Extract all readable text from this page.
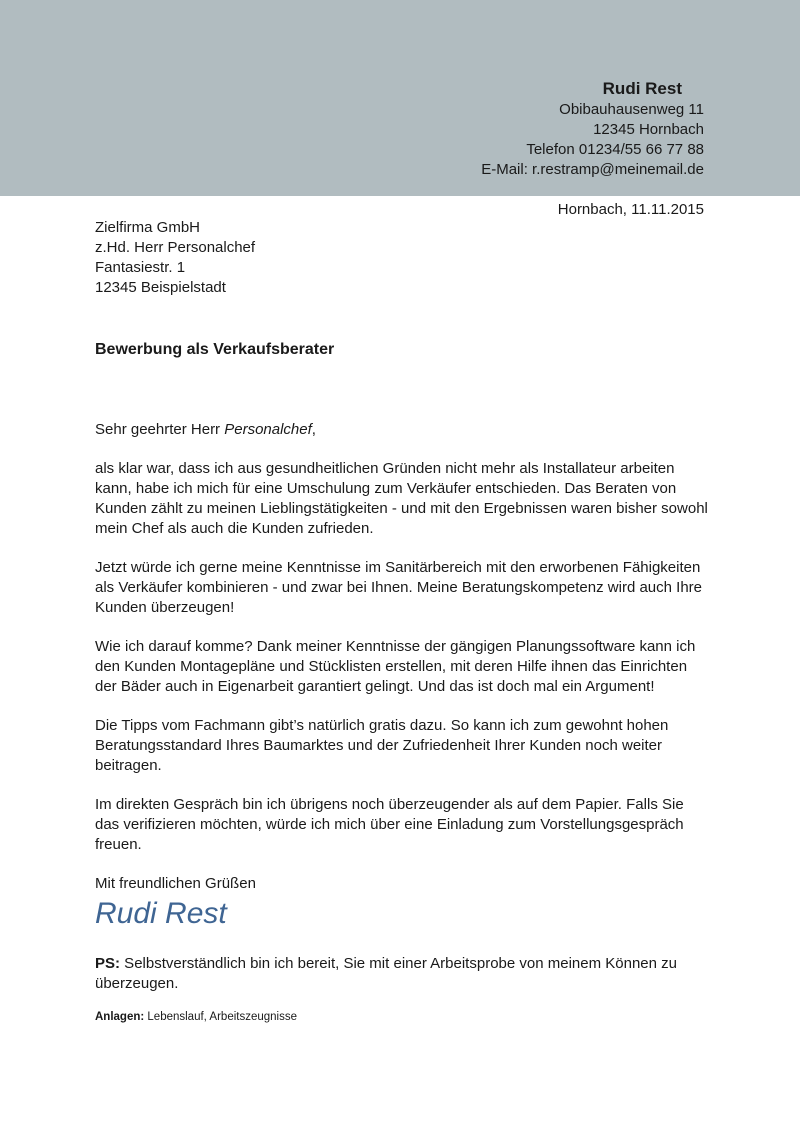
Rudi Rest
Obibauhausenweg 11
12345 Hornbach
Telefon 01234/55 66 77 88
E-Mail: r.restramp@meinemail.de
Hornbach, 11.11.2015
Zielfirma GmbH
z.Hd. Herr Personalchef
Fantasiestr. 1
12345 Beispielstadt
Bewerbung als Verkaufsberater

Sehr geehrter Herr Personalchef,

als klar war, dass ich aus gesundheitlichen Gründen nicht mehr als Installateur arbeiten kann, habe ich mich für eine Umschulung zum Verkäufer entschieden. Das Beraten von Kunden zählt zu meinen Lieblingstätigkeiten - und mit den Ergebnissen waren bisher sowohl mein Chef als auch die Kunden zufrieden.

Jetzt würde ich gerne meine Kenntnisse im Sanitärbereich mit den erworbenen Fähigkeiten als Verkäufer kombinieren - und zwar bei Ihnen. Meine Beratungskompetenz wird auch Ihre Kunden überzeugen!

Wie ich darauf komme? Dank meiner Kenntnisse der gängigen Planungssoftware kann ich den Kunden Montagepläne und Stücklisten erstellen, mit deren Hilfe ihnen das Einrichten der Bäder auch in Eigenarbeit garantiert gelingt. Und das ist doch mal ein Argument!

Die Tipps vom Fachmann gibt’s natürlich gratis dazu. So kann ich zum gewohnt hohen Beratungsstandard Ihres Baumarktes und der Zufriedenheit Ihrer Kunden noch weiter beitragen.

Im direkten Gespräch bin ich übrigens noch überzeugender als auf dem Papier. Falls Sie das verifizieren möchten, würde ich mich über eine Einladung zum Vorstellungsgespräch freuen.

Mit freundlichen Grüßen

Rudi Rest
PS: Selbstverständlich bin ich bereit, Sie mit einer Arbeitsprobe von meinem Können zu überzeugen.
Anlagen: Lebenslauf, Arbeitszeugnisse
